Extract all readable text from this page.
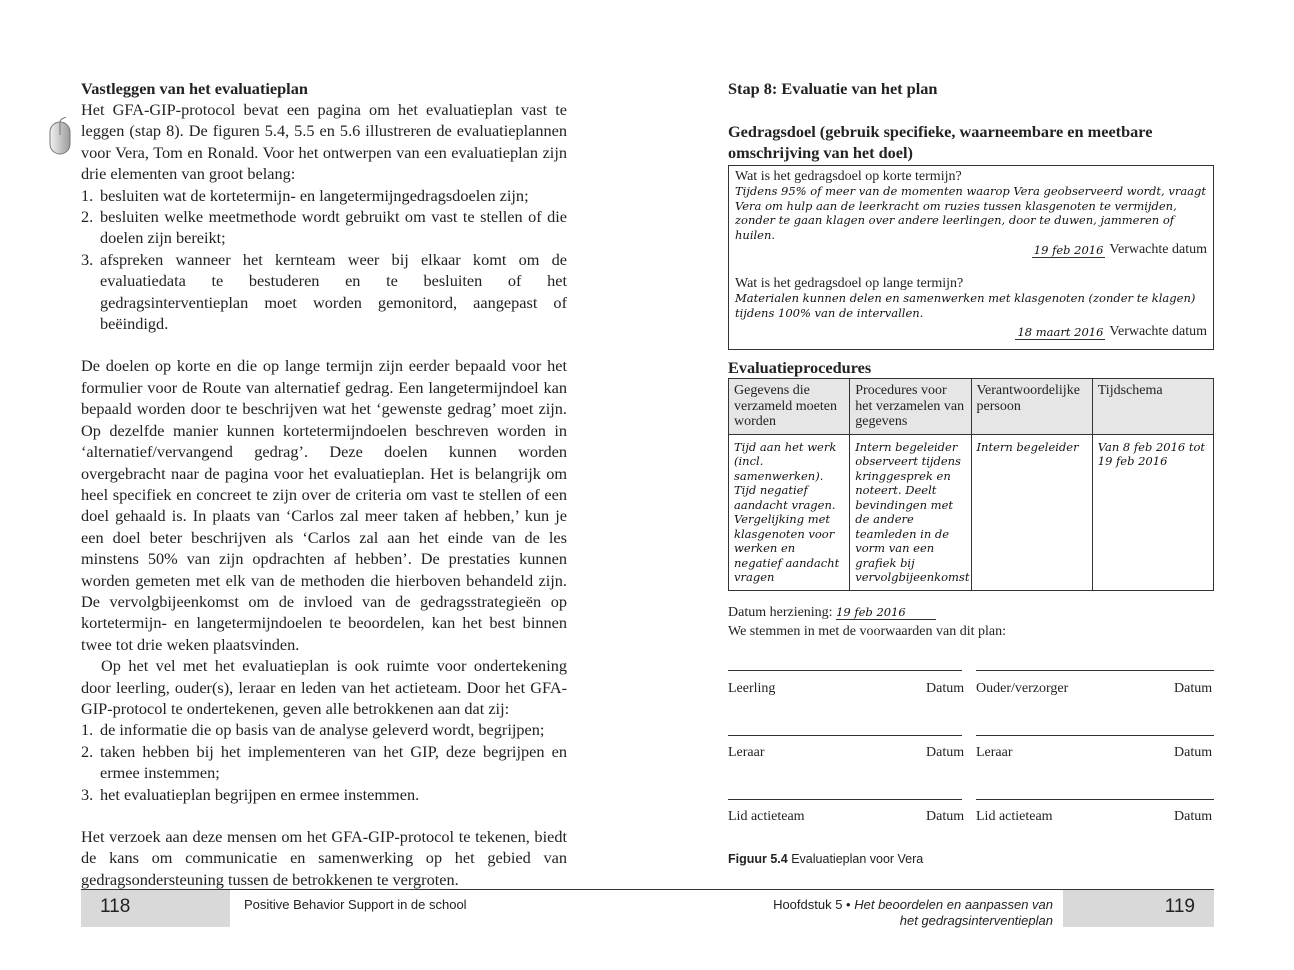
Vastleggen van het evaluatieplan

Het GFA-GIP-protocol bevat een pagina om het evaluatieplan vast te leggen (stap 8). De figuren 5.4, 5.5 en 5.6 illustreren de evaluatieplannen voor Vera, Tom en Ronald. Voor het ontwerpen van een evaluatieplan zijn drie elementen van groot belang:

1. besluiten wat de kortetermijn- en langetermijngedragsdoelen zijn;
2. besluiten welke meetmethode wordt gebruikt om vast te stellen of die doelen zijn bereikt;
3. afspreken wanneer het kernteam weer bij elkaar komt om de evaluatiedata te bestuderen en te besluiten of het gedragsinterventieplan moet worden gemonitord, aangepast of beëindigd.

De doelen op korte en die op lange termijn zijn eerder bepaald voor het formulier voor de Route van alternatief gedrag. Een langetermijndoel kan bepaald worden door te beschrijven wat het ‘gewenste gedrag’ moet zijn. Op dezelfde manier kunnen kortetermijndoelen beschreven worden in ‘alternatief/vervangend gedrag’. Deze doelen kunnen worden overgebracht naar de pagina voor het evaluatieplan. Het is belangrijk om heel specifiek en concreet te zijn over de criteria om vast te stellen of een doel gehaald is. In plaats van ‘Carlos zal meer taken af hebben,’ kun je een doel beter beschrijven als ‘Carlos zal aan het einde van de les minstens 50% van zijn opdrachten af hebben’. De prestaties kunnen worden gemeten met elk van de methoden die hierboven behandeld zijn. De vervolgbijeenkomst om de invloed van de gedragsstrategieën op kortetermijn- en langetermijndoelen te beoordelen, kan het best binnen twee tot drie weken plaatsvinden.

Op het vel met het evaluatieplan is ook ruimte voor ondertekening door leerling, ouder(s), leraar en leden van het actieteam. Door het GFA-GIP-protocol te ondertekenen, geven alle betrokkenen aan dat zij:

1. de informatie die op basis van de analyse geleverd wordt, begrijpen;
2. taken hebben bij het implementeren van het GIP, deze begrijpen en ermee instemmen;
3. het evaluatieplan begrijpen en ermee instemmen.

Het verzoek aan deze mensen om het GFA-GIP-protocol te tekenen, biedt de kans om communicatie en samenwerking op het gebied van gedragsondersteuning tussen de betrokkenen te vergroten.

Stap 8: Evaluatie van het plan
Gedragsdoel (gebruik specifieke, waarneembare en meetbare omschrijving van het doel)
Wat is het gedragsdoel op korte termijn?
Tijdens 95% of meer van de momenten waarop Vera geobserveerd wordt, vraagt Vera om hulp aan de leerkracht om ruzies tussen klasgenoten te vermijden, zonder te gaan klagen over andere leerlingen, door te duwen, jammeren of huilen.
19 feb 2016 Verwachte datum
Wat is het gedragsdoel op lange termijn?
Materialen kunnen delen en samenwerken met klasgenoten (zonder te klagen) tijdens 100% van de intervallen.
18 maart 2016 Verwachte datum
Evaluatieprocedures
Gegevens die verzameld moeten worden	Procedures voor het verzamelen van gegevens	Verantwoordelijke persoon	Tijdschema
Tijd aan het werk (incl. samenwerken). Tijd negatief aandacht vragen. Vergelijking met klasgenoten voor werken en negatief aandacht vragen	Intern begeleider observeert tijdens kringgesprek en noteert. Deelt bevindingen met de andere teamleden in de vorm van een grafiek bij vervolgbijeenkomst	Intern begeleider	Van 8 feb 2016 tot 19 feb 2016
Datum herziening: 19 feb 2016
We stemmen in met de voorwaarden van dit plan:
Leerling	Datum Ouder/verzorger	Datum
Leraar	Datum Leraar	Datum
Lid actieteam	Datum Lid actieteam	Datum
Figuur 5.4 Evaluatieplan voor Vera
118	Positive Behavior Support in de school	Hoofdstuk 5 • Het beoordelen en aanpassen van
het gedragsinterventieplan
119
